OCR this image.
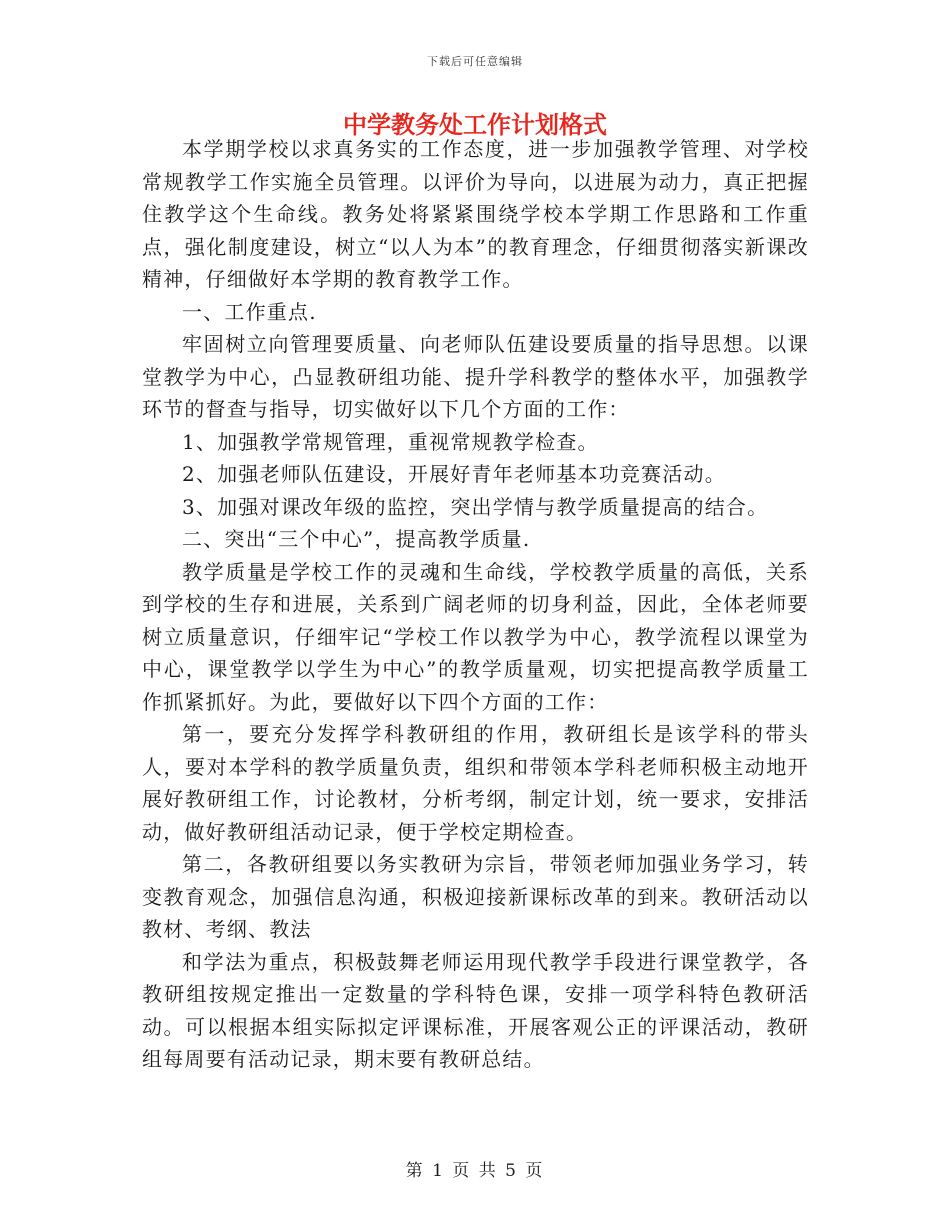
下载后可任意编辑
中学教务处工作计划格式

本学期学校以求真务实的工作态度，进一步加强教学管理、对学校常规教学工作实施全员管理。以评价为导向，以进展为动力，真正把握住教学这个生命线。教务处将紧紧围绕学校本学期工作思路和工作重点，强化制度建设，树立“以人为本”的教育理念，仔细贯彻落实新课改精神，仔细做好本学期的教育教学工作。

一、工作重点.

牢固树立向管理要质量、向老师队伍建设要质量的指导思想。以课堂教学为中心，凸显教研组功能、提升学科教学的整体水平，加强教学环节的督查与指导，切实做好以下几个方面的工作：

1、加强教学常规管理，重视常规教学检查。

2、加强老师队伍建设，开展好青年老师基本功竞赛活动。

3、加强对课改年级的监控，突出学情与教学质量提高的结合。

二、突出“三个中心”，提高教学质量.

教学质量是学校工作的灵魂和生命线，学校教学质量的高低，关系到学校的生存和进展，关系到广阔老师的切身利益，因此，全体老师要树立质量意识，仔细牢记“学校工作以教学为中心，教学流程以课堂为中心，课堂教学以学生为中心”的教学质量观，切实把提高教学质量工作抓紧抓好。为此，要做好以下四个方面的工作：

第一，要充分发挥学科教研组的作用，教研组长是该学科的带头人，要对本学科的教学质量负责，组织和带领本学科老师积极主动地开展好教研组工作，讨论教材，分析考纲，制定计划，统一要求，安排活动，做好教研组活动记录，便于学校定期检查。

第二，各教研组要以务实教研为宗旨，带领老师加强业务学习，转变教育观念，加强信息沟通，积极迎接新课标改革的到来。教研活动以教材、考纲、教法

和学法为重点，积极鼓舞老师运用现代教学手段进行课堂教学，各教研组按规定推出一定数量的学科特色课，安排一项学科特色教研活动。可以根据本组实际拟定评课标准，开展客观公正的评课活动，教研组每周要有活动记录，期末要有教研总结。

第 1 页 共 5 页
